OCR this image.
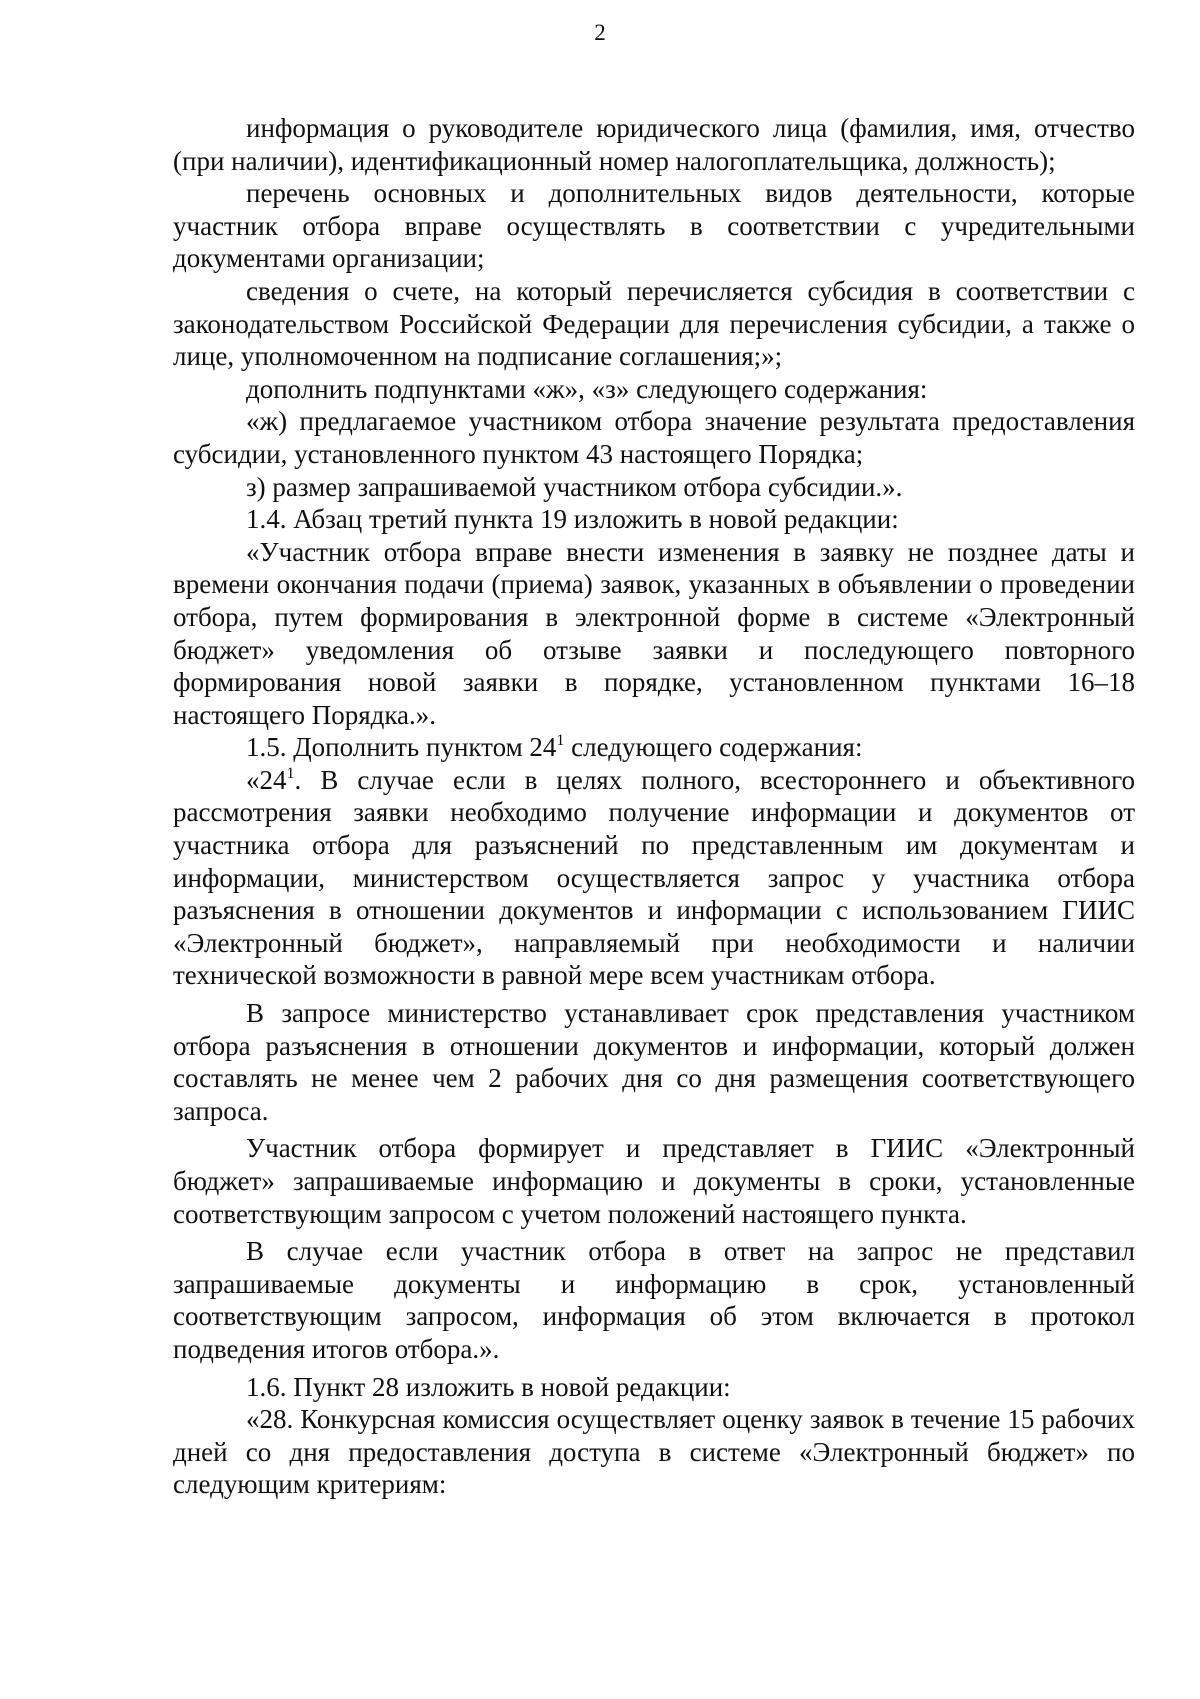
2

информация о руководителе юридического лица (фамилия, имя, отчество (при наличии), идентификационный номер налогоплательщика, должность);

перечень основных и дополнительных видов деятельности, которые участник отбора вправе осуществлять в соответствии с учредительными документами организации;

сведения о счете, на который перечисляется субсидия в соответствии с законодательством Российской Федерации для перечисления субсидии, а также о лице, уполномоченном на подписание соглашения;»;

дополнить подпунктами «ж», «з» следующего содержания:

«ж) предлагаемое участником отбора значение результата предоставления субсидии, установленного пунктом 43 настоящего Порядка;

з) размер запрашиваемой участником отбора субсидии.».

1.4. Абзац третий пункта 19 изложить в новой редакции:

«Участник отбора вправе внести изменения в заявку не позднее даты и времени окончания подачи (приема) заявок, указанных в объявлении о проведении отбора, путем формирования в электронной форме в системе «Электронный бюджет» уведомления об отзыве заявки и последующего повторного формирования новой заявки в порядке, установленном пунктами 16–18 настоящего Порядка.».

1.5. Дополнить пунктом $24^1$ следующего содержания:

«$24^1$. В случае если в целях полного, всестороннего и объективного рассмотрения заявки необходимо получение информации и документов от участника отбора для разъяснений по представленным им документам и информации, министерством осуществляется запрос у участника отбора разъяснения в отношении документов и информации с использованием ГИИС «Электронный бюджет», направляемый при необходимости и наличии технической возможности в равной мере всем участникам отбора.

В запросе министерство устанавливает срок представления участником отбора разъяснения в отношении документов и информации, который должен составлять не менее чем 2 рабочих дня со дня размещения соответствующего запроса.

Участник отбора формирует и представляет в ГИИС «Электронный бюджет» запрашиваемые информацию и документы в сроки, установленные соответствующим запросом с учетом положений настоящего пункта.

В случае если участник отбора в ответ на запрос не представил запрашиваемые документы и информацию в срок, установленный соответствующим запросом, информация об этом включается в протокол подведения итогов отбора.».

1.6. Пункт 28 изложить в новой редакции:

«28. Конкурсная комиссия осуществляет оценку заявок в течение 15 рабочих дней со дня предоставления доступа в системе «Электронный бюджет» по следующим критериям:
